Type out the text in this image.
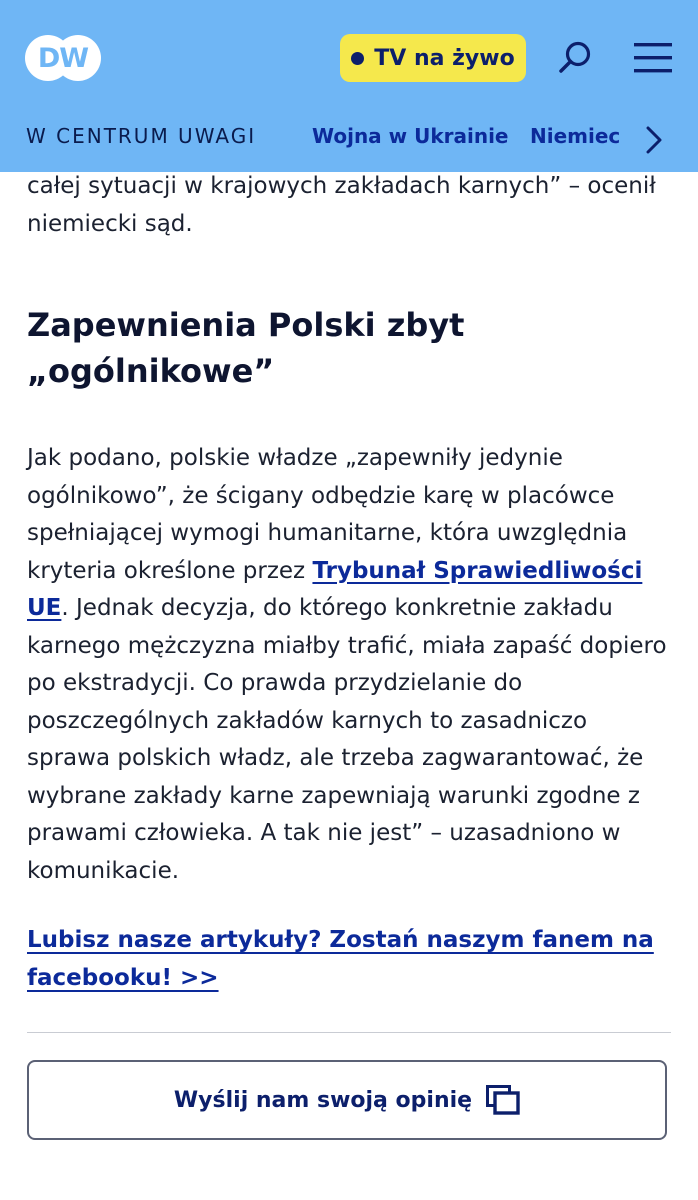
DW	TV na żywo
W CENTRUM UWAGI	Wojna w Ukrainie Niemiec

całej sytuacji w krajowych zakładach karnych” – ocenił niemiecki sąd.

Zapewnienia Polski zbyt „ogólnikowe”

Jak podano, polskie władze „zapewniły jedynie ogólnikowo”, że ścigany odbędzie karę w placówce spełniającej wymogi humanitarne, która uwzględnia kryteria określone przez Trybunał Sprawiedliwości UE. Jednak decyzja, do którego konkretnie zakładu karnego mężczyzna miałby trafić, miała zapaść dopiero po ekstradycji. Co prawda przydzielanie do poszczególnych zakładów karnych to zasadniczo sprawa polskich władz, ale trzeba zagwarantować, że wybrane zakłady karne zapewniają warunki zgodne z prawami człowieka. A tak nie jest” – uzasadniono w komunikacie.

Lubisz nasze artykuły? Zostań naszym fanem na facebooku! >>
Wyślij nam swoją opinię
